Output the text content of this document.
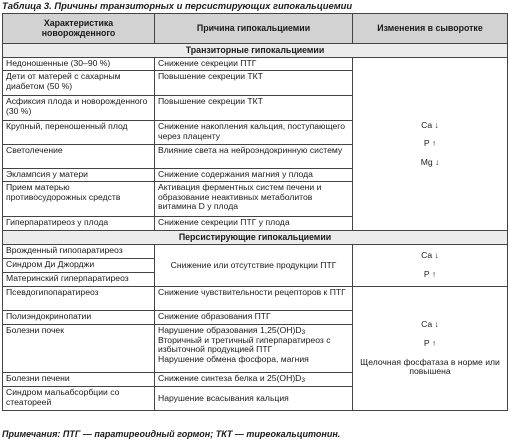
Таблица 3. Причины транзиторных и персистирующих гипокальциемии
Характеристика новорожденного	Причина гипокальциемии	Изменения в сыворотке
Транзиторные гипокальциемии		
Недоношенные (30–90 %)	Снижение секреции ПТГ	Ca ↓
P ↑
Mg ↓

Дети от матерей с сахарным диабетом (50 %)	Повышение секреции ТКТ	
Асфиксия плода и новорожденного (30 %)	Повышение секреции ТКТ	
Крупный, переношенный плод	Снижение накопления кальция, поступающего через плаценту	
Светолечение	Влияние света на нейроэндокринную систему	
Эклампсия у матери	Снижение содержания магния у плода	
Прием матерью противосудорожных средств	Активация ферментных систем печени и образование неактивных метаболитов витамина D у плода	
Гиперпаратиреоз у плода	Снижение секреции ПТГ у плода	
Персистирующие гипокальциемии		
Врожденный гипопаратиреоз	Снижение или отсутствие продукции ПТГ	Ca ↓
P ↑

Синдром Ди Джорджи		
Материнский гиперпаратиреоз		
Псевдогипопаратиреоз	Снижение чувствительности рецепторов к ПТГ	Ca ↓
P ↑
Щелочная фосфатаза в норме или повышена

Полиэндокринопатии	Снижение образования ПТГ	
Болезни почек	Нарушение образования $1,25(OH)D_3$
Вторичный и третичный гиперпаратиреоз с избыточной продукцией ПТГ
Нарушение обмена фосфора, магния	

Болезни печени	Снижение синтеза белка и $25(OH)D_3$
Синдром мальабсорбции со стеатореей	Нарушение всасывания кальция	
Примечания: ПТГ — паратиреоидный гормон; ТКТ — тиреокальцитонин.
